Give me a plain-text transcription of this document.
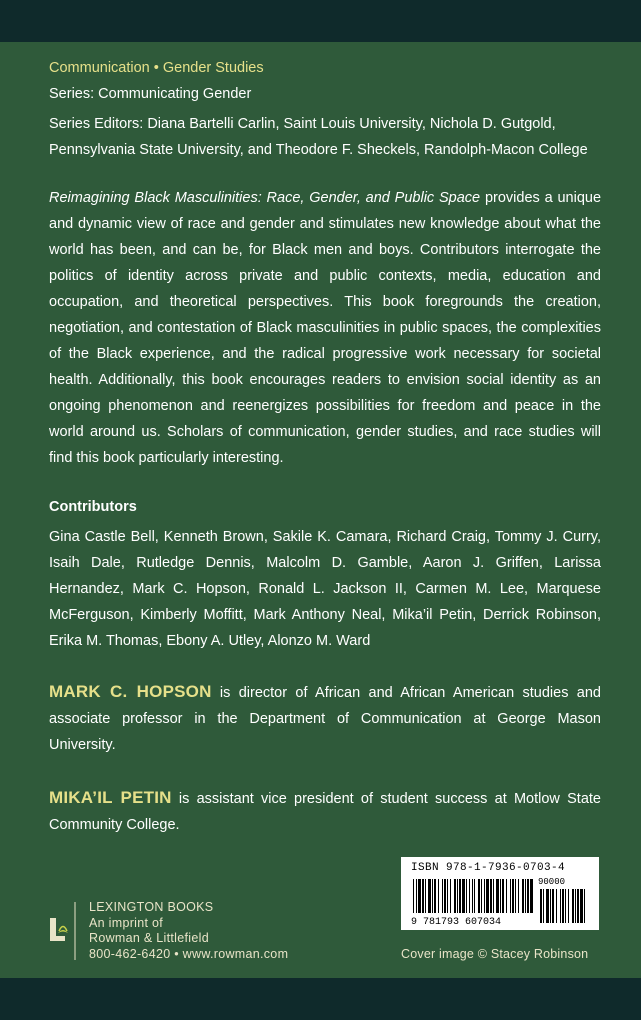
Communication • Gender Studies

Series: Communicating Gender

Series Editors: Diana Bartelli Carlin, Saint Louis University, Nichola D. Gutgold, Pennsylvania State University, and Theodore F. Sheckels, Randolph-Macon College

Reimagining Black Masculinities: Race, Gender, and Public Space provides a unique and dynamic view of race and gender and stimulates new knowledge about what the world has been, and can be, for Black men and boys. Contributors interrogate the politics of identity across private and public contexts, media, education and occupation, and theoretical perspectives. This book foregrounds the creation, negotiation, and contestation of Black masculinities in public spaces, the complexities of the Black experience, and the radical progressive work necessary for societal health. Additionally, this book encourages readers to envision social identity as an ongoing phenomenon and reenergizes possibilities for freedom and peace in the world around us. Scholars of communication, gender studies, and race studies will find this book particularly interesting.

Contributors

Gina Castle Bell, Kenneth Brown, Sakile K. Camara, Richard Craig, Tommy J. Curry, Isaih Dale, Rutledge Dennis, Malcolm D. Gamble, Aaron J. Griffen, Larissa Hernandez, Mark C. Hopson, Ronald L. Jackson II, Carmen M. Lee, Marquese McFerguson, Kimberly Moffitt, Mark Anthony Neal, Mika’il Petin, Derrick Robinson, Erika M. Thomas, Ebony A. Utley, Alonzo M. Ward

MARK C. HOPSON is director of African and African American studies and associate professor in the Department of Communication at George Mason University.

MIKA’IL PETIN is assistant vice president of student success at Motlow State Community College.

LEXINGTON BOOKS
An imprint of
Rowman & Littlefield
800-462-6420 • www.rowman.com
ISBN 978-1-7936-0703-4
90000
9 781793 607034

Cover image © Stacey Robinson
